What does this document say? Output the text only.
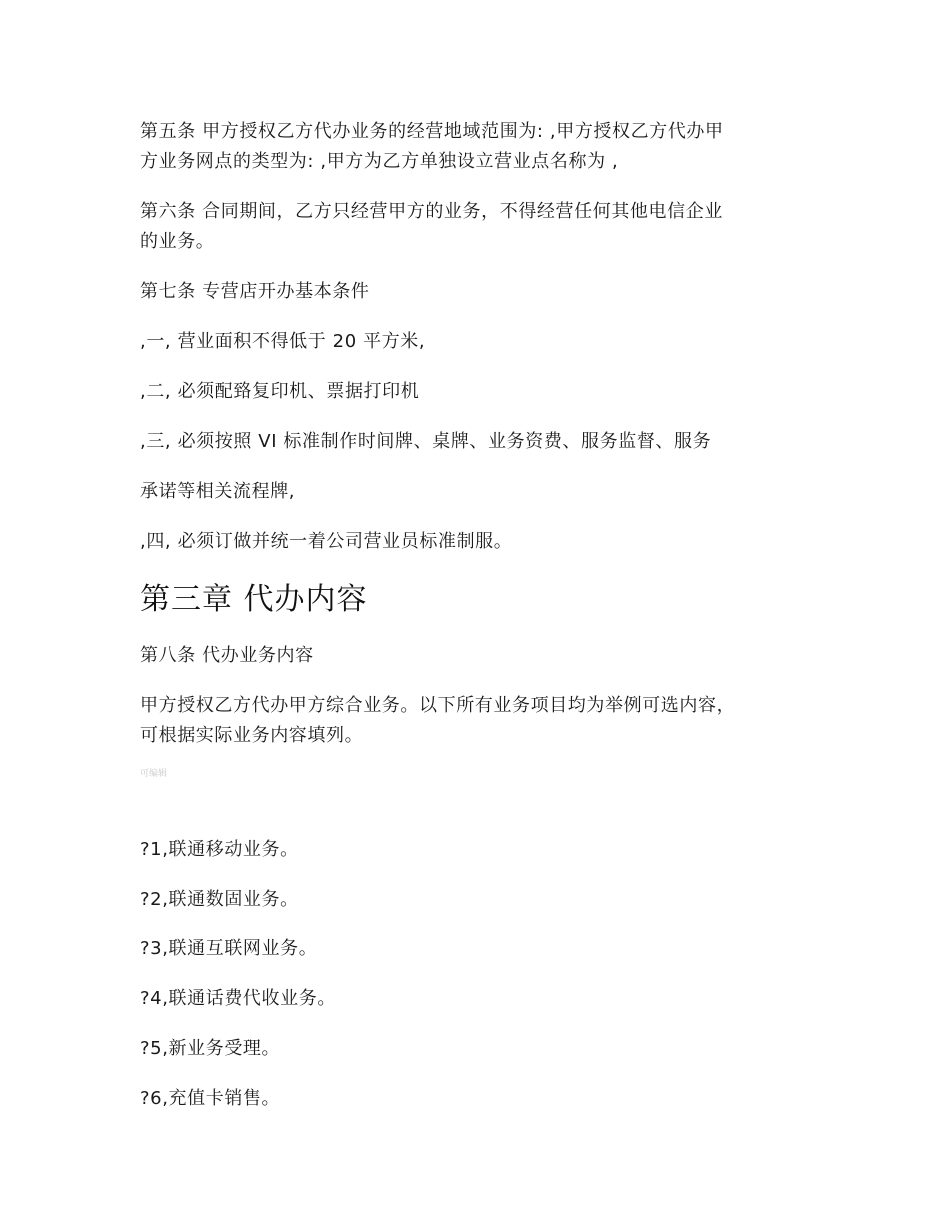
第五条 甲方授权乙方代办业务的经营地域范围为: ,甲方授权乙方代办甲
方业务网点的类型为: ,甲方为乙方单独设立营业点名称为 ,
第六条 合同期间，乙方只经营甲方的业务，不得经营任何其他电信企业
的业务。
第七条 专营店开办基本条件
,一, 营业面积不得低于 20 平方米,
,二, 必须配臵复印机、票据打印机
,三, 必须按照 VI 标准制作时间牌、桌牌、业务资费、服务监督、服务
承诺等相关流程牌,
,四, 必须订做并统一着公司营业员标准制服。
第三章 代办内容
第八条 代办业务内容
甲方授权乙方代办甲方综合业务。以下所有业务项目均为举例可选内容，
可根据实际业务内容填列。
可编辑
?1,联通移动业务。
?2,联通数固业务。
?3,联通互联网业务。
?4,联通话费代收业务。
?5,新业务受理。
?6,充值卡销售。
